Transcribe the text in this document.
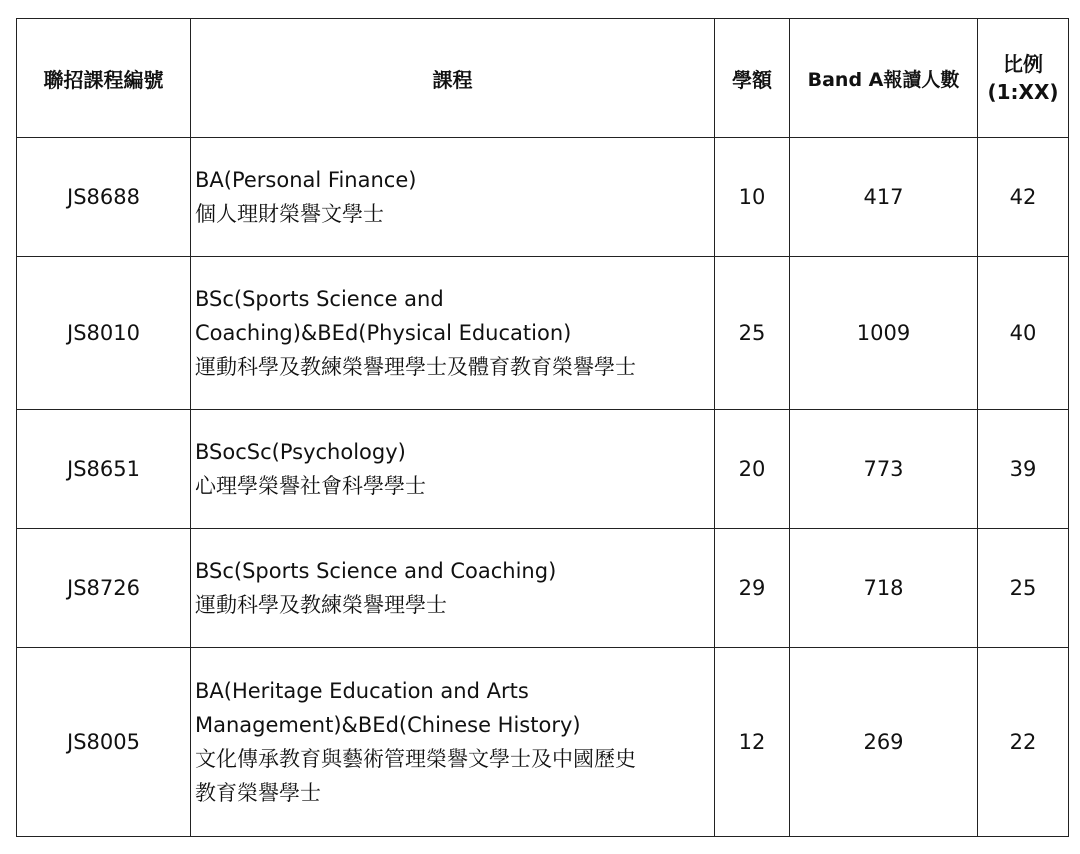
聯招課程編號	課程	學額	Band A報讀人數	比例
(1:XX)

JS8688	BA(Personal Finance)
個人理財榮譽文學士	10	417	42
JS8010	BSc(Sports Science and
Coaching)&BEd(Physical Education)
運動科學及教練榮譽理學士及體育教育榮譽學士	25	1009	40
JS8651	BSocSc(Psychology)
心理學榮譽社會科學學士	20	773	39
JS8726	BSc(Sports Science and Coaching)
運動科學及教練榮譽理學士	29	718	25
JS8005	BA(Heritage Education and Arts
Management)&BEd(Chinese History)
文化傳承教育與藝術管理榮譽文學士及中國歷史
教育榮譽學士	12	269	22
